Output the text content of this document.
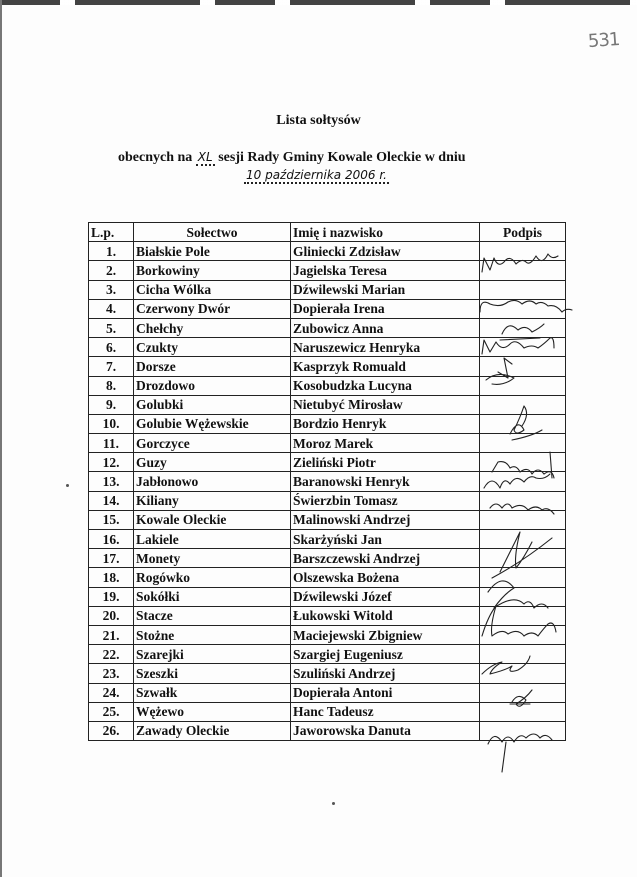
531
Lista sołtysów
obecnych na XL sesji Rady Gminy Kowale Oleckie w dniu
10 października 2006 r.
L.p.	Sołectwo	Imię i nazwisko	Podpis
1.	Białskie Pole	Gliniecki Zdzisław	
2.	Borkowiny	Jagielska Teresa	
3.	Cicha Wólka	Dźwilewski Marian	
4.	Czerwony Dwór	Dopierała Irena	
5.	Chełchy	Zubowicz Anna	
6.	Czukty	Naruszewicz Henryka	
7.	Dorsze	Kasprzyk Romuald	
8.	Drozdowo	Kosobudzka Lucyna	
9.	Golubki	Nietubyć Mirosław	
10.	Golubie Wężewskie	Bordzio Henryk	
11.	Gorczyce	Moroz Marek	
12.	Guzy	Zieliński Piotr	
13.	Jabłonowo	Baranowski Henryk	
14.	Kiliany	Świerzbin Tomasz	
15.	Kowale Oleckie	Malinowski Andrzej	
16.	Lakiele	Skarżyński Jan	
17.	Monety	Barszczewski Andrzej	
18.	Rogówko	Olszewska Bożena	
19.	Sokółki	Dźwilewski Józef	
20.	Stacze	Łukowski Witold	
21.	Stożne	Maciejewski Zbigniew	
22.	Szarejki	Szargiej Eugeniusz	
23.	Szeszki	Szuliński Andrzej	
24.	Szwałk	Dopierała Antoni	
25.	Wężewo	Hanc Tadeusz	
26.	Zawady Oleckie	Jaworowska Danuta	
